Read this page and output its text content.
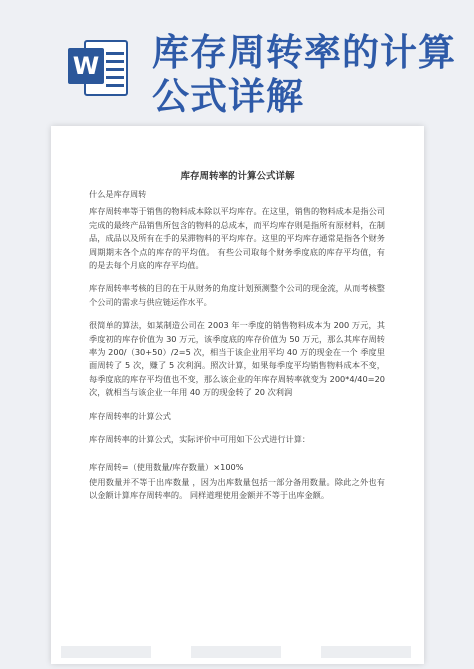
W 库存周转率的计算
公式详解
库存周转率的计算公式详解

什么是库存周转

库存周转率等于销售的物料成本除以平均库存。在这里，销售的物料成本是指公司完成的最终产品销售所包含的物料的总成本，而平均库存则是指所有原材料，在制品，成品以及所有在手的呆滞物料的平均库存。这里的平均库存通常是指各个财务周期期末各个点的库存的平均值。 有些公司取每个财务季度底的库存平均值，有的是去每个月底的库存平均值。

库存周转率考核的目的在于从财务的角度计划预测整个公司的现金流，从而考核整个公司的需求与供应链运作水平。

很简单的算法，如某制造公司在 2003 年一季度的销售物料成本为 200 万元，其季度初的库存价值为 30 万元，该季度底的库存价值为 50 万元，那么其库存周转率为 200/（30+50）/2=5 次，相当于该企业用平均 40 万的现金在一个 季度里面周转了 5 次，赚了 5 次利润。照次计算，如果每季度平均销售物料成本不变，每季度底的库存平均值也不变，那么该企业的年库存周转率就变为 200*4/40=20 次，就相当与该企业一年用 40 万的现金转了 20 次利润

库存周转率的计算公式

库存周转率的计算公式，实际评价中可用如下公式进行计算：

库存周转=（使用数量/库存数量）×100%

使用数量并不等于出库数量 ，因为出库数量包括一部分备用数量。除此之外也有以金额计算库存周转率的。 同样道理使用金额并不等于出库金额。
